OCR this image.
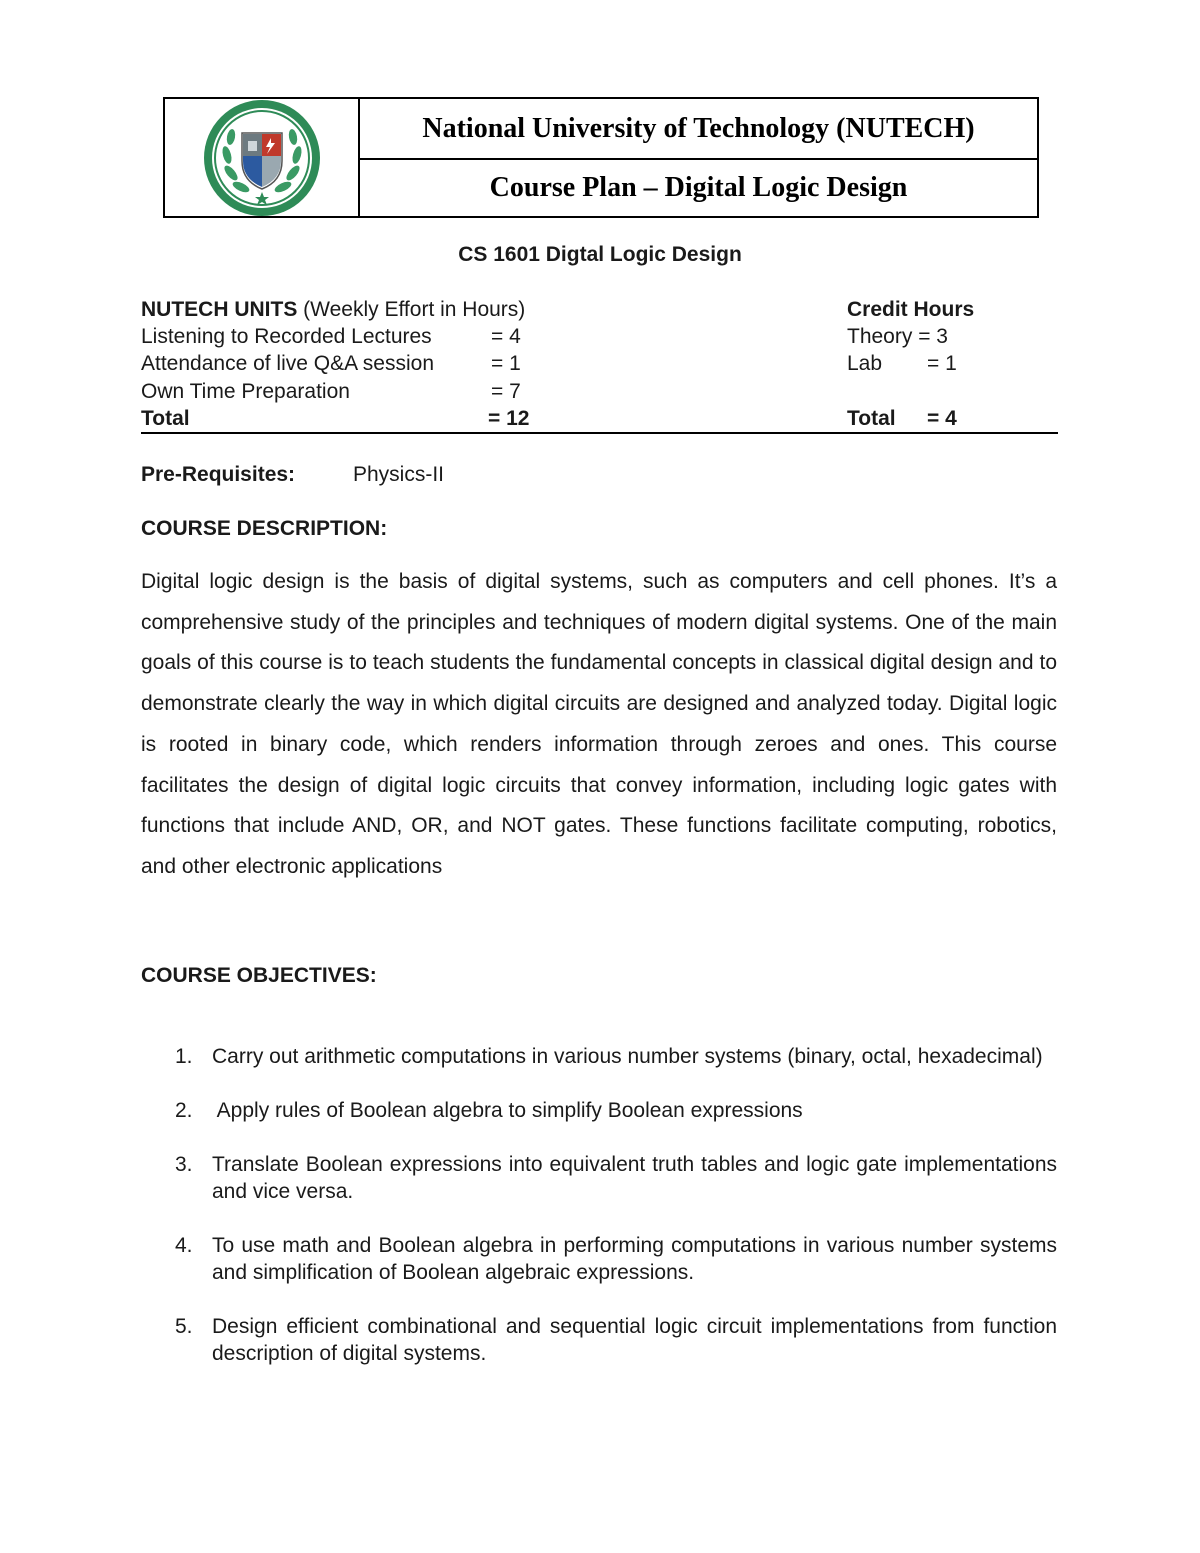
National University of Technology (NUTECH)
Course Plan – Digital Logic Design
CS 1601 Digtal Logic Design
NUTECH UNITS (Weekly Effort in Hours)	Credit Hours
Listening to Recorded Lectures	= 4	Theory = 3
Attendance of live Q&A session	= 1	Lab = 1
Own Time Preparation	= 7
Total	= 12	Total = 4
Pre-Requisites:	Physics-II
COURSE DESCRIPTION:

Digital logic design is the basis of digital systems, such as computers and cell phones. It’s a comprehensive study of the principles and techniques of modern digital systems. One of the main goals of this course is to teach students the fundamental concepts in classical digital design and to demonstrate clearly the way in which digital circuits are designed and analyzed today. Digital logic is rooted in binary code, which renders information through zeroes and ones. This course facilitates the design of digital logic circuits that convey information, including logic gates with functions that include AND, OR, and NOT gates. These functions facilitate computing, robotics, and other electronic applications

COURSE OBJECTIVES:
1. Carry out arithmetic computations in various number systems (binary, octal, hexadecimal)
2. Apply rules of Boolean algebra to simplify Boolean expressions
3. Translate Boolean expressions into equivalent truth tables and logic gate implementations and vice versa.
4. To use math and Boolean algebra in performing computations in various number systems and simplification of Boolean algebraic expressions.
5. Design efficient combinational and sequential logic circuit implementations from function description of digital systems.
